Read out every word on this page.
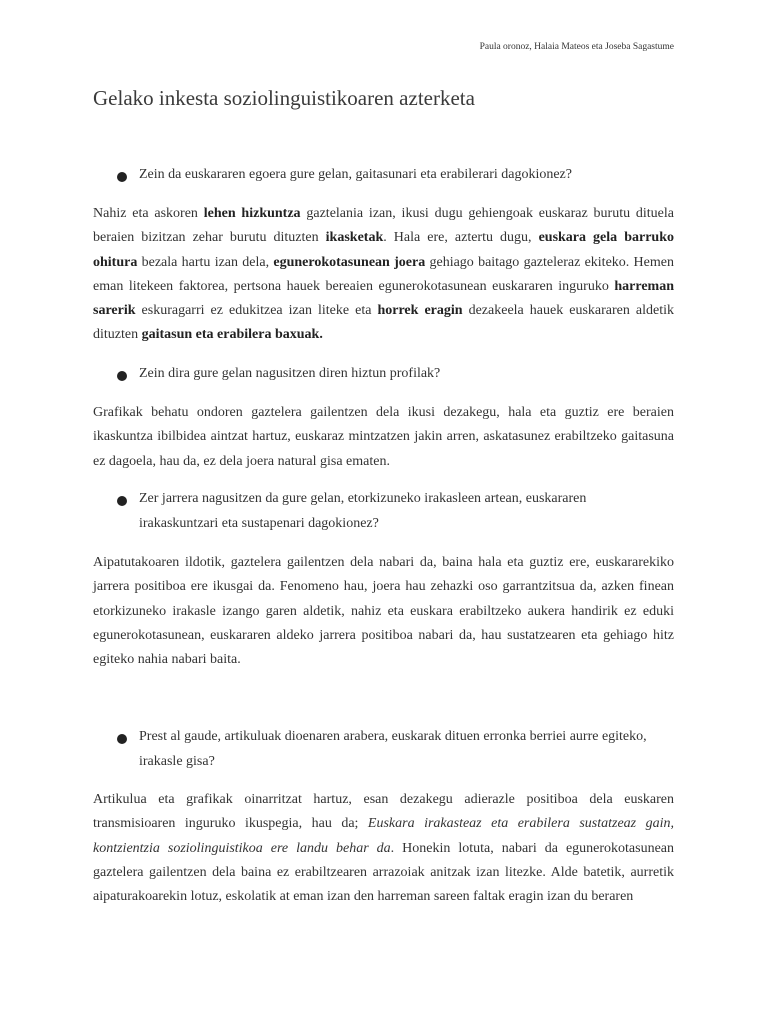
Paula oronoz, Halaia Mateos eta Joseba Sagastume
Gelako inkesta soziolinguistikoaren azterketa
Zein da euskararen egoera gure gelan, gaitasunari eta erabilerari dagokionez?

Nahiz eta askoren lehen hizkuntza gaztelania izan, ikusi dugu gehiengoak euskaraz burutu dituela beraien bizitzan zehar burutu dituzten ikasketak. Hala ere, aztertu dugu, euskara gela barruko ohitura bezala hartu izan dela, egunerokotasunean joera gehiago baitago gazteleraz ekiteko. Hemen eman litekeen faktorea, pertsona hauek bereaien egunerokotasunean euskararen inguruko harreman sarerik eskuragarri ez edukitzea izan liteke eta horrek eragin dezakeela hauek euskararen aldetik dituzten gaitasun eta erabilera baxuak.

Zein dira gure gelan nagusitzen diren hiztun profilak?

Grafikak behatu ondoren gaztelera gailentzen dela ikusi dezakegu, hala eta guztiz ere beraien ikaskuntza ibilbidea aintzat hartuz, euskaraz mintzatzen jakin arren, askatasunez erabiltzeko gaitasuna ez dagoela, hau da, ez dela joera natural gisa ematen.

Zer jarrera nagusitzen da gure gelan, etorkizuneko irakasleen artean, euskararen irakaskuntzari eta sustapenari dagokionez?

Aipatutakoaren ildotik, gaztelera gailentzen dela nabari da, baina hala eta guztiz ere, euskararekiko jarrera positiboa ere ikusgai da. Fenomeno hau, joera hau zehazki oso garrantzitsua da, azken finean etorkizuneko irakasle izango garen aldetik, nahiz eta euskara erabiltzeko aukera handirik ez eduki egunerokotasunean, euskararen aldeko jarrera positiboa nabari da, hau sustatzearen eta gehiago hitz egiteko nahia nabari baita.

Prest al gaude, artikuluak dioenaren arabera, euskarak dituen erronka berriei aurre egiteko, irakasle gisa?

Artikulua eta grafikak oinarritzat hartuz, esan dezakegu adierazle positiboa dela euskaren transmisioaren inguruko ikuspegia, hau da; Euskara irakasteaz eta erabilera sustatzeaz gain, kontzientzia soziolinguistikoa ere landu behar da. Honekin lotuta, nabari da egunerokotasunean gaztelera gailentzen dela baina ez erabiltzearen arrazoiak anitzak izan litezke. Alde batetik, aurretik aipaturakoarekin lotuz, eskolatik at eman izan den harreman sareen faltak eragin izan du beraren
